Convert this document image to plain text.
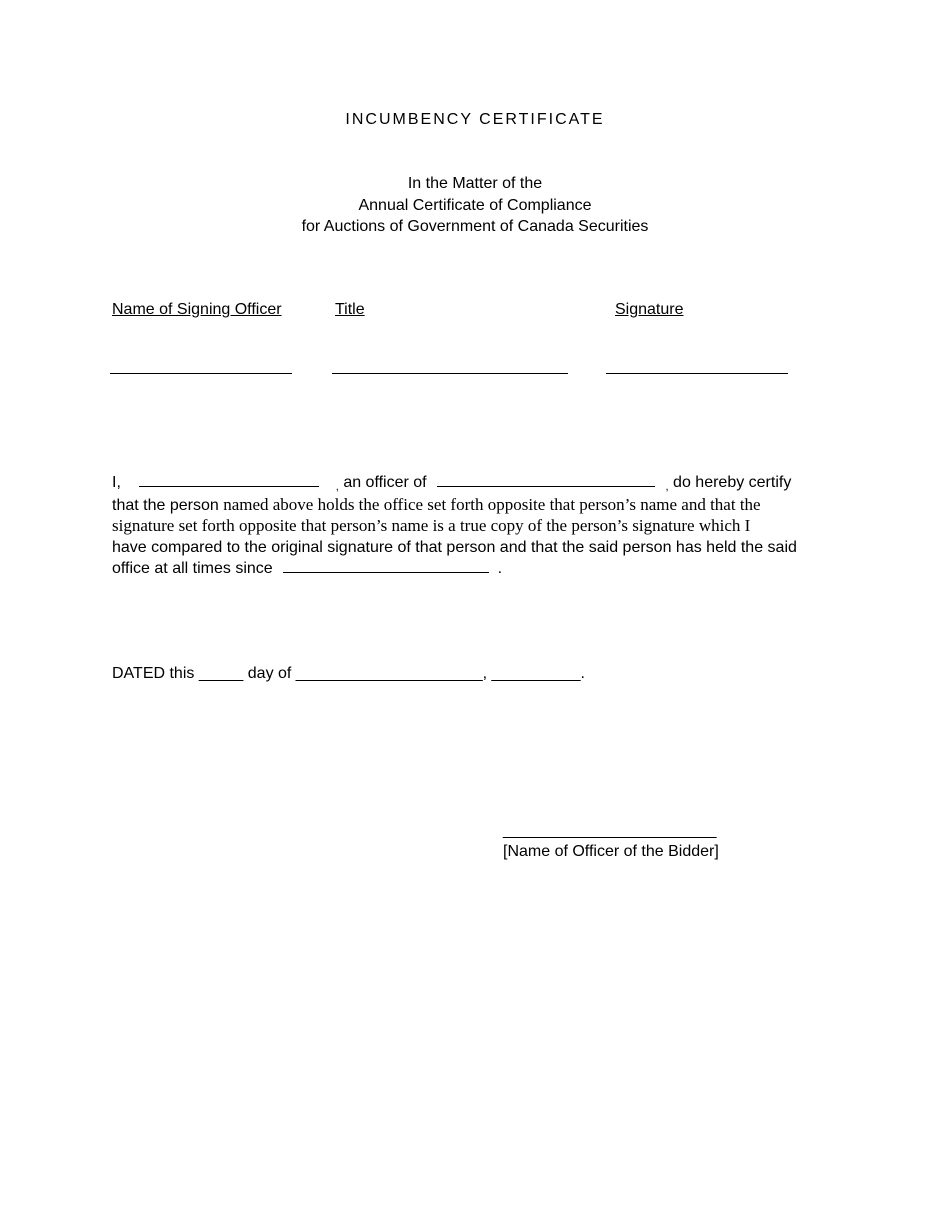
INCUMBENCY CERTIFICATE
In the Matter of the
Annual Certificate of Compliance
for Auctions of Government of Canada Securities
Name of Signing Officer	Title	Signature
I,	, an officer of	, do hereby certify
that the person named above holds the office set forth opposite that person’s name and that the
signature set forth opposite that person’s name is a true copy of the person’s signature which I
have compared to the original signature of that person and that the said person has held the said
office at all times since	.
DATED this _____ day of _____________________, __________.
________________________
[Name of Officer of the Bidder]
